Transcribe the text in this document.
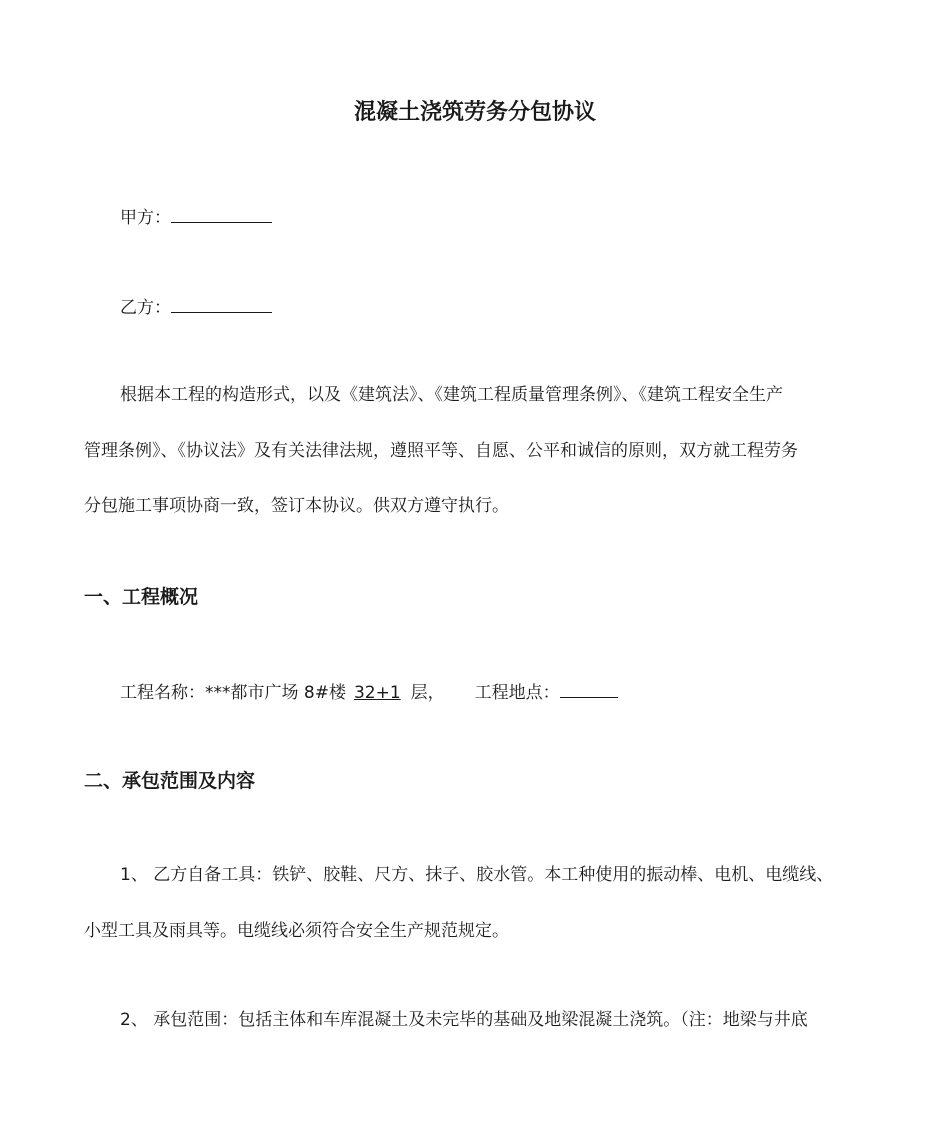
混凝土浇筑劳务分包协议
甲方：
乙方：
根据本工程的构造形式，以及《建筑法》、《建筑工程质量管理条例》、《建筑工程安全生产
管理条例》、《协议法》及有关法律法规，遵照平等、自愿、公平和诚信的原则，双方就工程劳务
分包施工事项协商一致，签订本协议。供双方遵守执行。
一、工程概况
工程名称：***都市广场 8#楼 32+1 层， 工程地点：
二、承包范围及内容
1、 乙方自备工具：铁铲、胶鞋、尺方、抹子、胶水管。本工种使用的振动棒、电机、电缆线、
小型工具及雨具等。电缆线必须符合安全生产规范规定。
2、 承包范围：包括主体和车库混凝土及未完毕的基础及地梁混凝土浇筑。（注：地梁与井底
